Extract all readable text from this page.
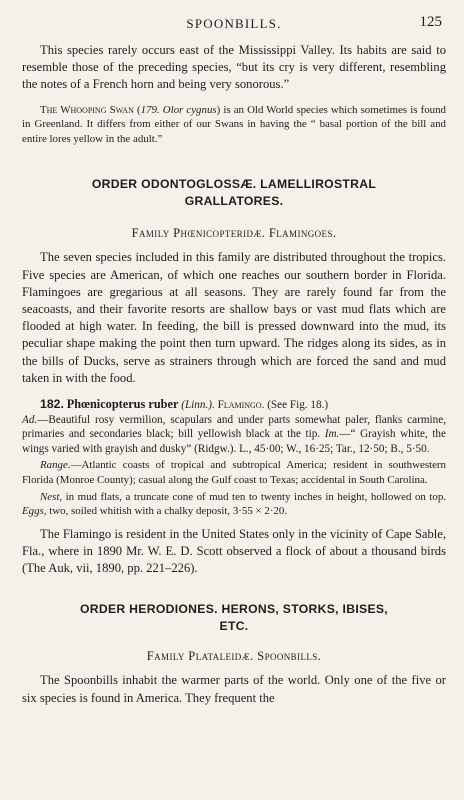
SPOONBILLS.	125

This species rarely occurs east of the Mississippi Valley. Its habits are said to resemble those of the preceding species, “but its cry is very different, resembling the notes of a French horn and being very sonorous.”

The Whooping Swan (179. Olor cygnus) is an Old World species which sometimes is found in Greenland. It differs from either of our Swans in having the “ basal portion of the bill and entire lores yellow in the adult.”

ORDER ODONTOGLOSSÆ. LAMELLIROSTRAL
GRALLATORES.

Family Phœnicopteridæ. Flamingoes.

The seven species included in this family are distributed throughout the tropics. Five species are American, of which one reaches our southern border in Florida. Flamingoes are gregarious at all seasons. They are rarely found far from the seacoasts, and their favorite resorts are shallow bays or vast mud flats which are flooded at high water. In feeding, the bill is pressed downward into the mud, its peculiar shape making the point then turn upward. The ridges along its sides, as in the bills of Ducks, serve as strainers through which are forced the sand and mud taken in with the food.

182. Phœnicopterus ruber (Linn.). Flamingo. (See Fig. 18.)
Ad.—Beautiful rosy vermilion, scapulars and under parts somewhat paler, flanks carmine, primaries and secondaries black; bill yellowish black at the tip. Im.—“ Grayish white, the wings varied with grayish and dusky” (Ridgw.). L., 45·00; W., 16·25; Tar., 12·50; B., 5·50.

Range.—Atlantic coasts of tropical and subtropical America; resident in southwestern Florida (Monroe County); casual along the Gulf coast to Texas; accidental in South Carolina.

Nest, in mud flats, a truncate cone of mud ten to twenty inches in height, hollowed on top. Eggs, two, soiled whitish with a chalky deposit, 3·55 × 2·20.

The Flamingo is resident in the United States only in the vicinity of Cape Sable, Fla., where in 1890 Mr. W. E. D. Scott observed a flock of about a thousand birds (The Auk, vii, 1890, pp. 221–226).

ORDER HERODIONES. HERONS, STORKS, IBISES,
ETC.

Family Plataleidæ. Spoonbills.

The Spoonbills inhabit the warmer parts of the world. Only one of the five or six species is found in America. They frequent the
